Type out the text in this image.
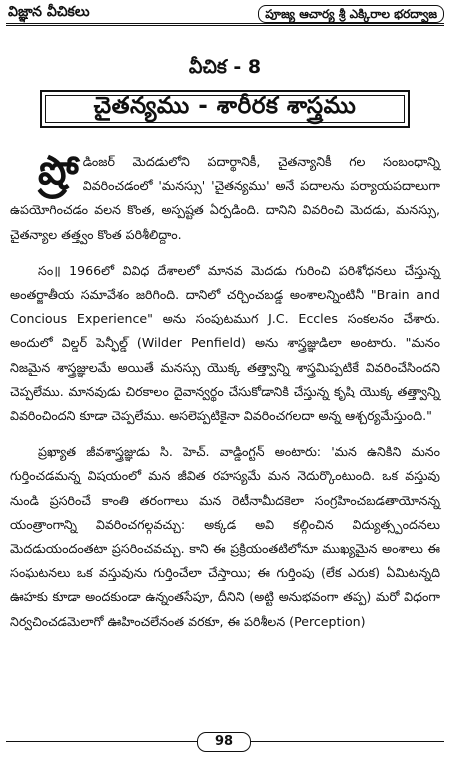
విజ్ఞాన వీచికలు	పూజ్య ఆచార్య శ్రీ ఎక్కిరాల భరద్వాజ
వీచిక - 8
చైతన్యము - శారీరక శాస్త్రము

ష్రో డింజర్ మెదడులోని పదార్థానికీ, చైతన్యానికీ గల సంబంధాన్ని వివరించడంలో 'మనస్సు' 'చైతన్యము' అనే పదాలను పర్యాయపదాలుగా ఉపయోగించడం వలన కొంత, అస్పష్టత ఏర్పడింది. దానిని వివరించి మెదడు, మనస్సు, చైతన్యాల తత్త్వం కొంత పరిశీలిద్దాం.

సం॥ 1966లో వివిధ దేశాలలో మానవ మెదడు గురించి పరిశోధనలు చేస్తున్న అంతర్జాతీయ సమావేశం జరిగింది. దానిలో చర్చించబడ్డ అంశాలన్నింటినీ "Brain and Concious Experience" అను సంపుటముగ J.C. Eccles సంకలనం చేశారు. అందులో విల్డర్ పెన్ఫీల్డ్ (Wilder Penfield) అను శాస్త్రజ్ఞుడిలా అంటారు. "మనం నిజమైన శాస్త్రజ్ఞులమే అయితే మనస్సు యొక్క తత్త్వాన్ని శాస్త్రమిప్పటికే వివరించేసిందని చెప్పలేము. మానవుడు చిరకాలం దైవాన్వర్థం చేసుకోడానికి చేస్తున్న కృషి యొక్క తత్త్వాన్ని వివరించిందని కూడా చెప్పలేము. అసలెప్పటికైనా వివరించగలదా అన్న ఆశ్చర్యమేస్తుంది."

ప్రఖ్యాత జీవశాస్త్రజ్ఞుడు సి. హెచ్. వాడ్డింగ్టన్ అంటారు: 'మన ఉనికిని మనం గుర్తించడమన్న విషయంలో మన జీవిత రహస్యమే మన నెదుర్కొంటుంది. ఒక వస్తువు నుండి ప్రసరించే కాంతి తరంగాలు మన రెటీనామీదకెలా సంగ్రహించబడతాయోనన్న యంత్రాంగాన్ని వివరించగల్గవచ్చు: అక్కడ అవి కల్గించిన విద్యుత్స్పందనలు మెదడుయందంతటా ప్రసరించవచ్చు. కాని ఈ ప్రక్రియంతటిలోనూ ముఖ్యమైన అంశాలు ఈ సంఘటనలు ఒక వస్తువును గుర్తించేలా చేస్తాయి; ఈ గుర్తింపు (లేక ఎరుక) ఏమిటన్నది ఊహకు కూడా అందకుండా ఉన్నంతసేపూ, దీనిని (అట్టి అనుభవంగా తప్ప) మరో విధంగా నిర్వచించడమెలాగో ఊహించలేనంత వరకూ, ఈ పరిశీలన (Perception)

98
